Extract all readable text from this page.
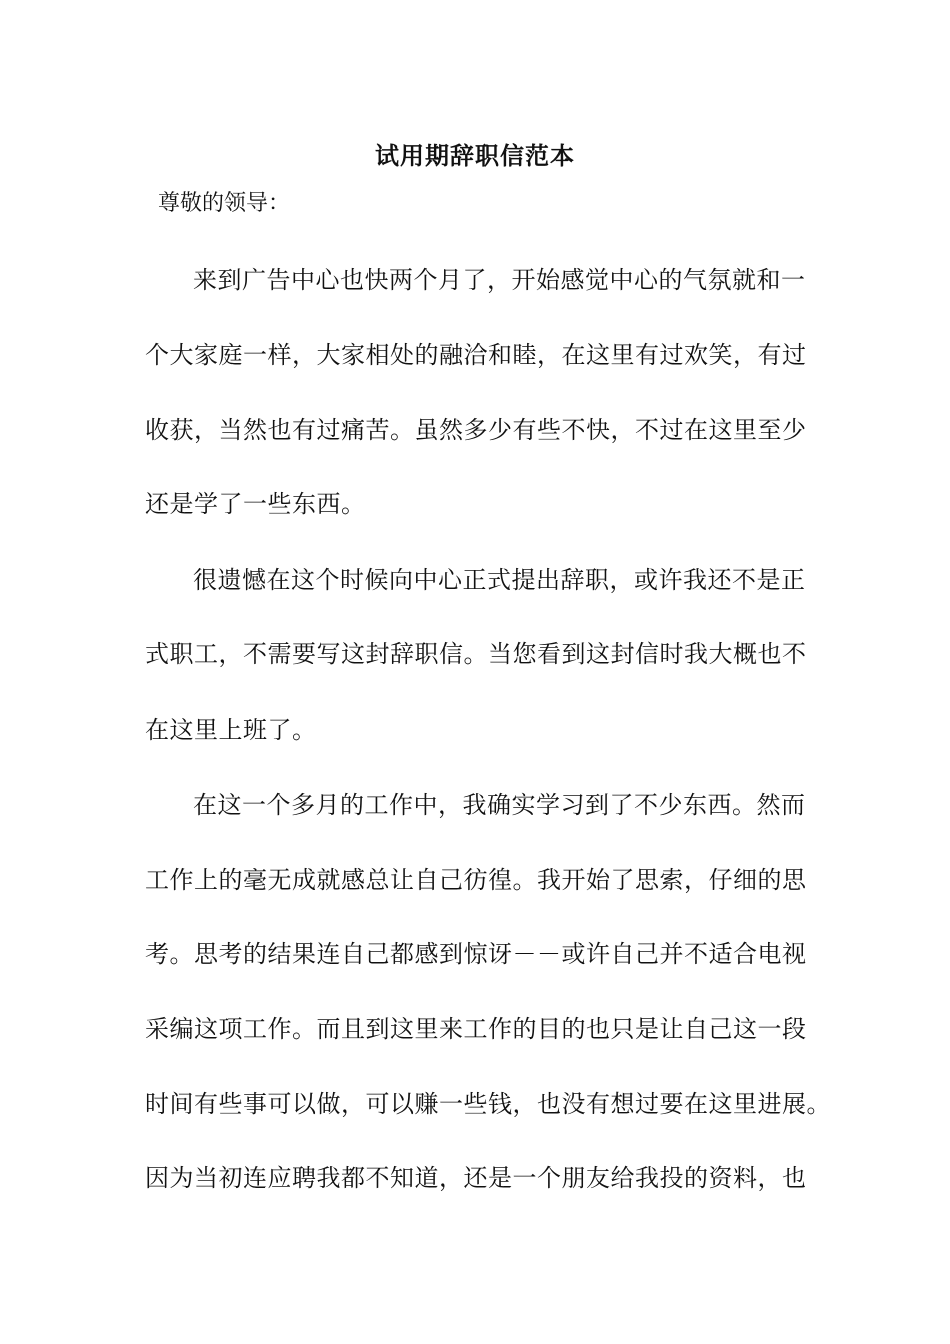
试用期辞职信范本
尊敬的领导：
来到广告中心也快两个月了，开始感觉中心的气氛就和一
个大家庭一样，大家相处的融洽和睦，在这里有过欢笑，有过
收获，当然也有过痛苦。虽然多少有些不快，不过在这里至少
还是学了一些东西。
很遗憾在这个时候向中心正式提出辞职，或许我还不是正
式职工，不需要写这封辞职信。当您看到这封信时我大概也不
在这里上班了。
在这一个多月的工作中，我确实学习到了不少东西。然而
工作上的毫无成就感总让自己彷徨。我开始了思索，仔细的思
考。思考的结果连自己都感到惊讶－－或许自己并不适合电视
采编这项工作。而且到这里来工作的目的也只是让自己这一段
时间有些事可以做，可以赚一些钱，也没有想过要在这里进展。
因为当初连应聘我都不知道，还是一个朋友给我投的资料，也
